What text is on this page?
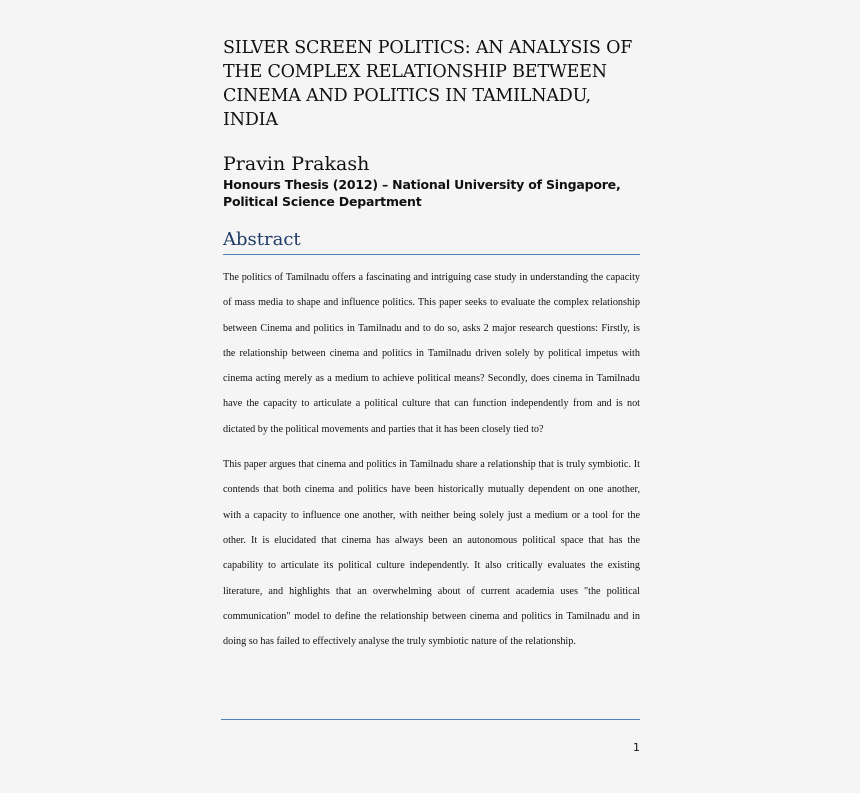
SILVER SCREEN POLITICS: AN ANALYSIS OF
THE COMPLEX RELATIONSHIP BETWEEN
CINEMA AND POLITICS IN TAMILNADU, INDIA
Pravin Prakash
Honours Thesis (2012) – National University of Singapore,
Political Science Department
Abstract

The politics of Tamilnadu offers a fascinating and intriguing case study in understanding the capacity of mass media to shape and influence politics. This paper seeks to evaluate the complex relationship between Cinema and politics in Tamilnadu and to do so, asks 2 major research questions: Firstly, is the relationship between cinema and politics in Tamilnadu driven solely by political impetus with cinema acting merely as a medium to achieve political means? Secondly, does cinema in Tamilnadu have the capacity to articulate a political culture that can function independently from and is not dictated by the political movements and parties that it has been closely tied to?

This paper argues that cinema and politics in Tamilnadu share a relationship that is truly symbiotic. It contends that both cinema and politics have been historically mutually dependent on one another, with a capacity to influence one another, with neither being solely just a medium or a tool for the other. It is elucidated that cinema has always been an autonomous political space that has the capability to articulate its political culture independently. It also critically evaluates the existing literature, and highlights that an overwhelming about of current academia uses "the political communication" model to define the relationship between cinema and politics in Tamilnadu and in doing so has failed to effectively analyse the truly symbiotic nature of the relationship.

1
